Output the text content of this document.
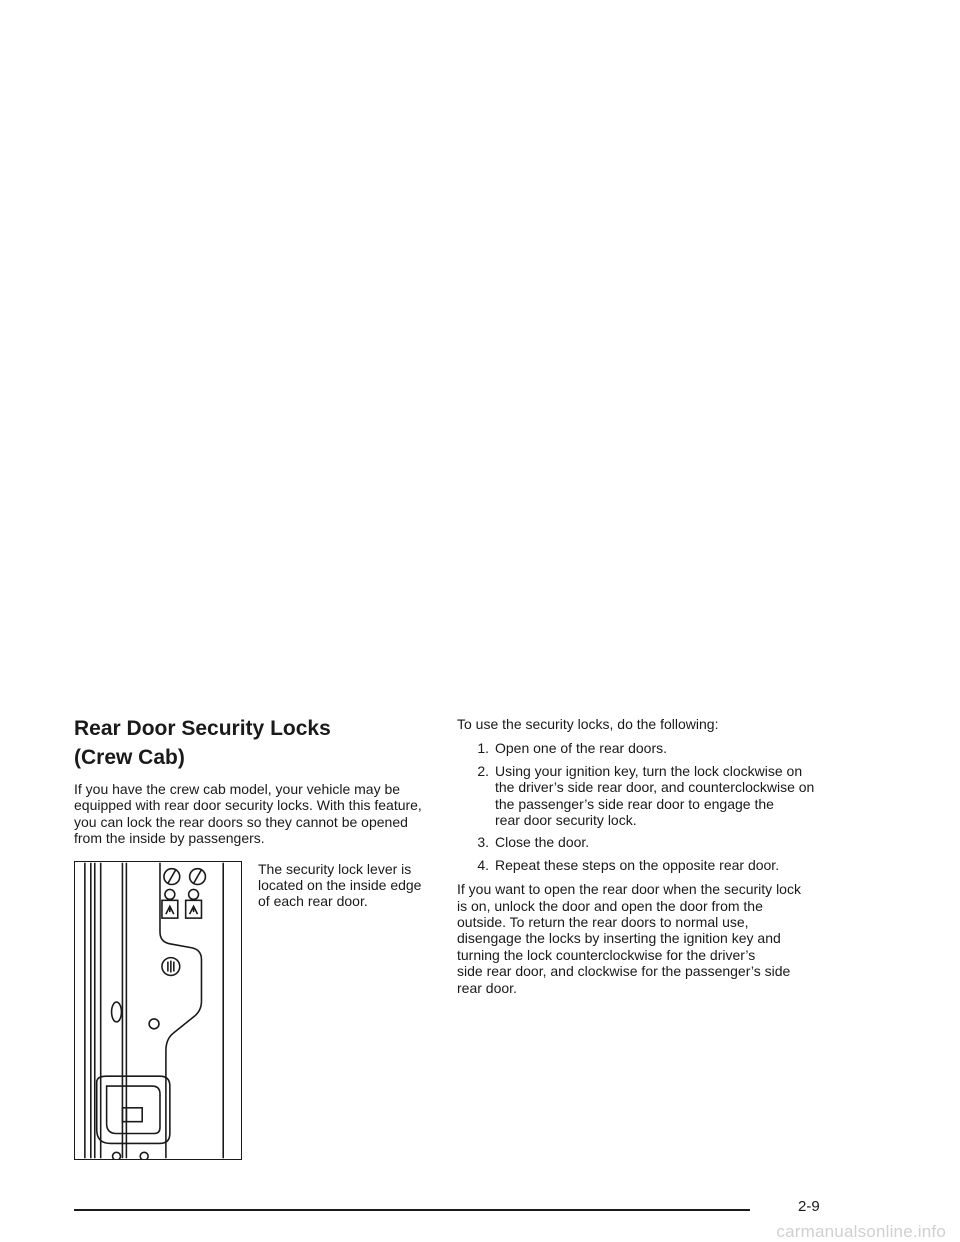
Rear Door Security Locks
(Crew Cab)

If you have the crew cab model, your vehicle may be
equipped with rear door security locks. With this feature,
you can lock the rear doors so they cannot be opened
from the inside by passengers.

The security lock lever is
located on the inside edge
of each rear door.

To use the security locks, do the following:

1. Open one of the rear doors.
2. Using your ignition key, turn the lock clockwise on
the driver’s side rear door, and counterclockwise on
the passenger’s side rear door to engage the
rear door security lock.
3. Close the door.
4. Repeat these steps on the opposite rear door.

If you want to open the rear door when the security lock
is on, unlock the door and open the door from the
outside. To return the rear doors to normal use,
disengage the locks by inserting the ignition key and
turning the lock counterclockwise for the driver’s
side rear door, and clockwise for the passenger’s side
rear door.

2-9
carmanualsonline.info
